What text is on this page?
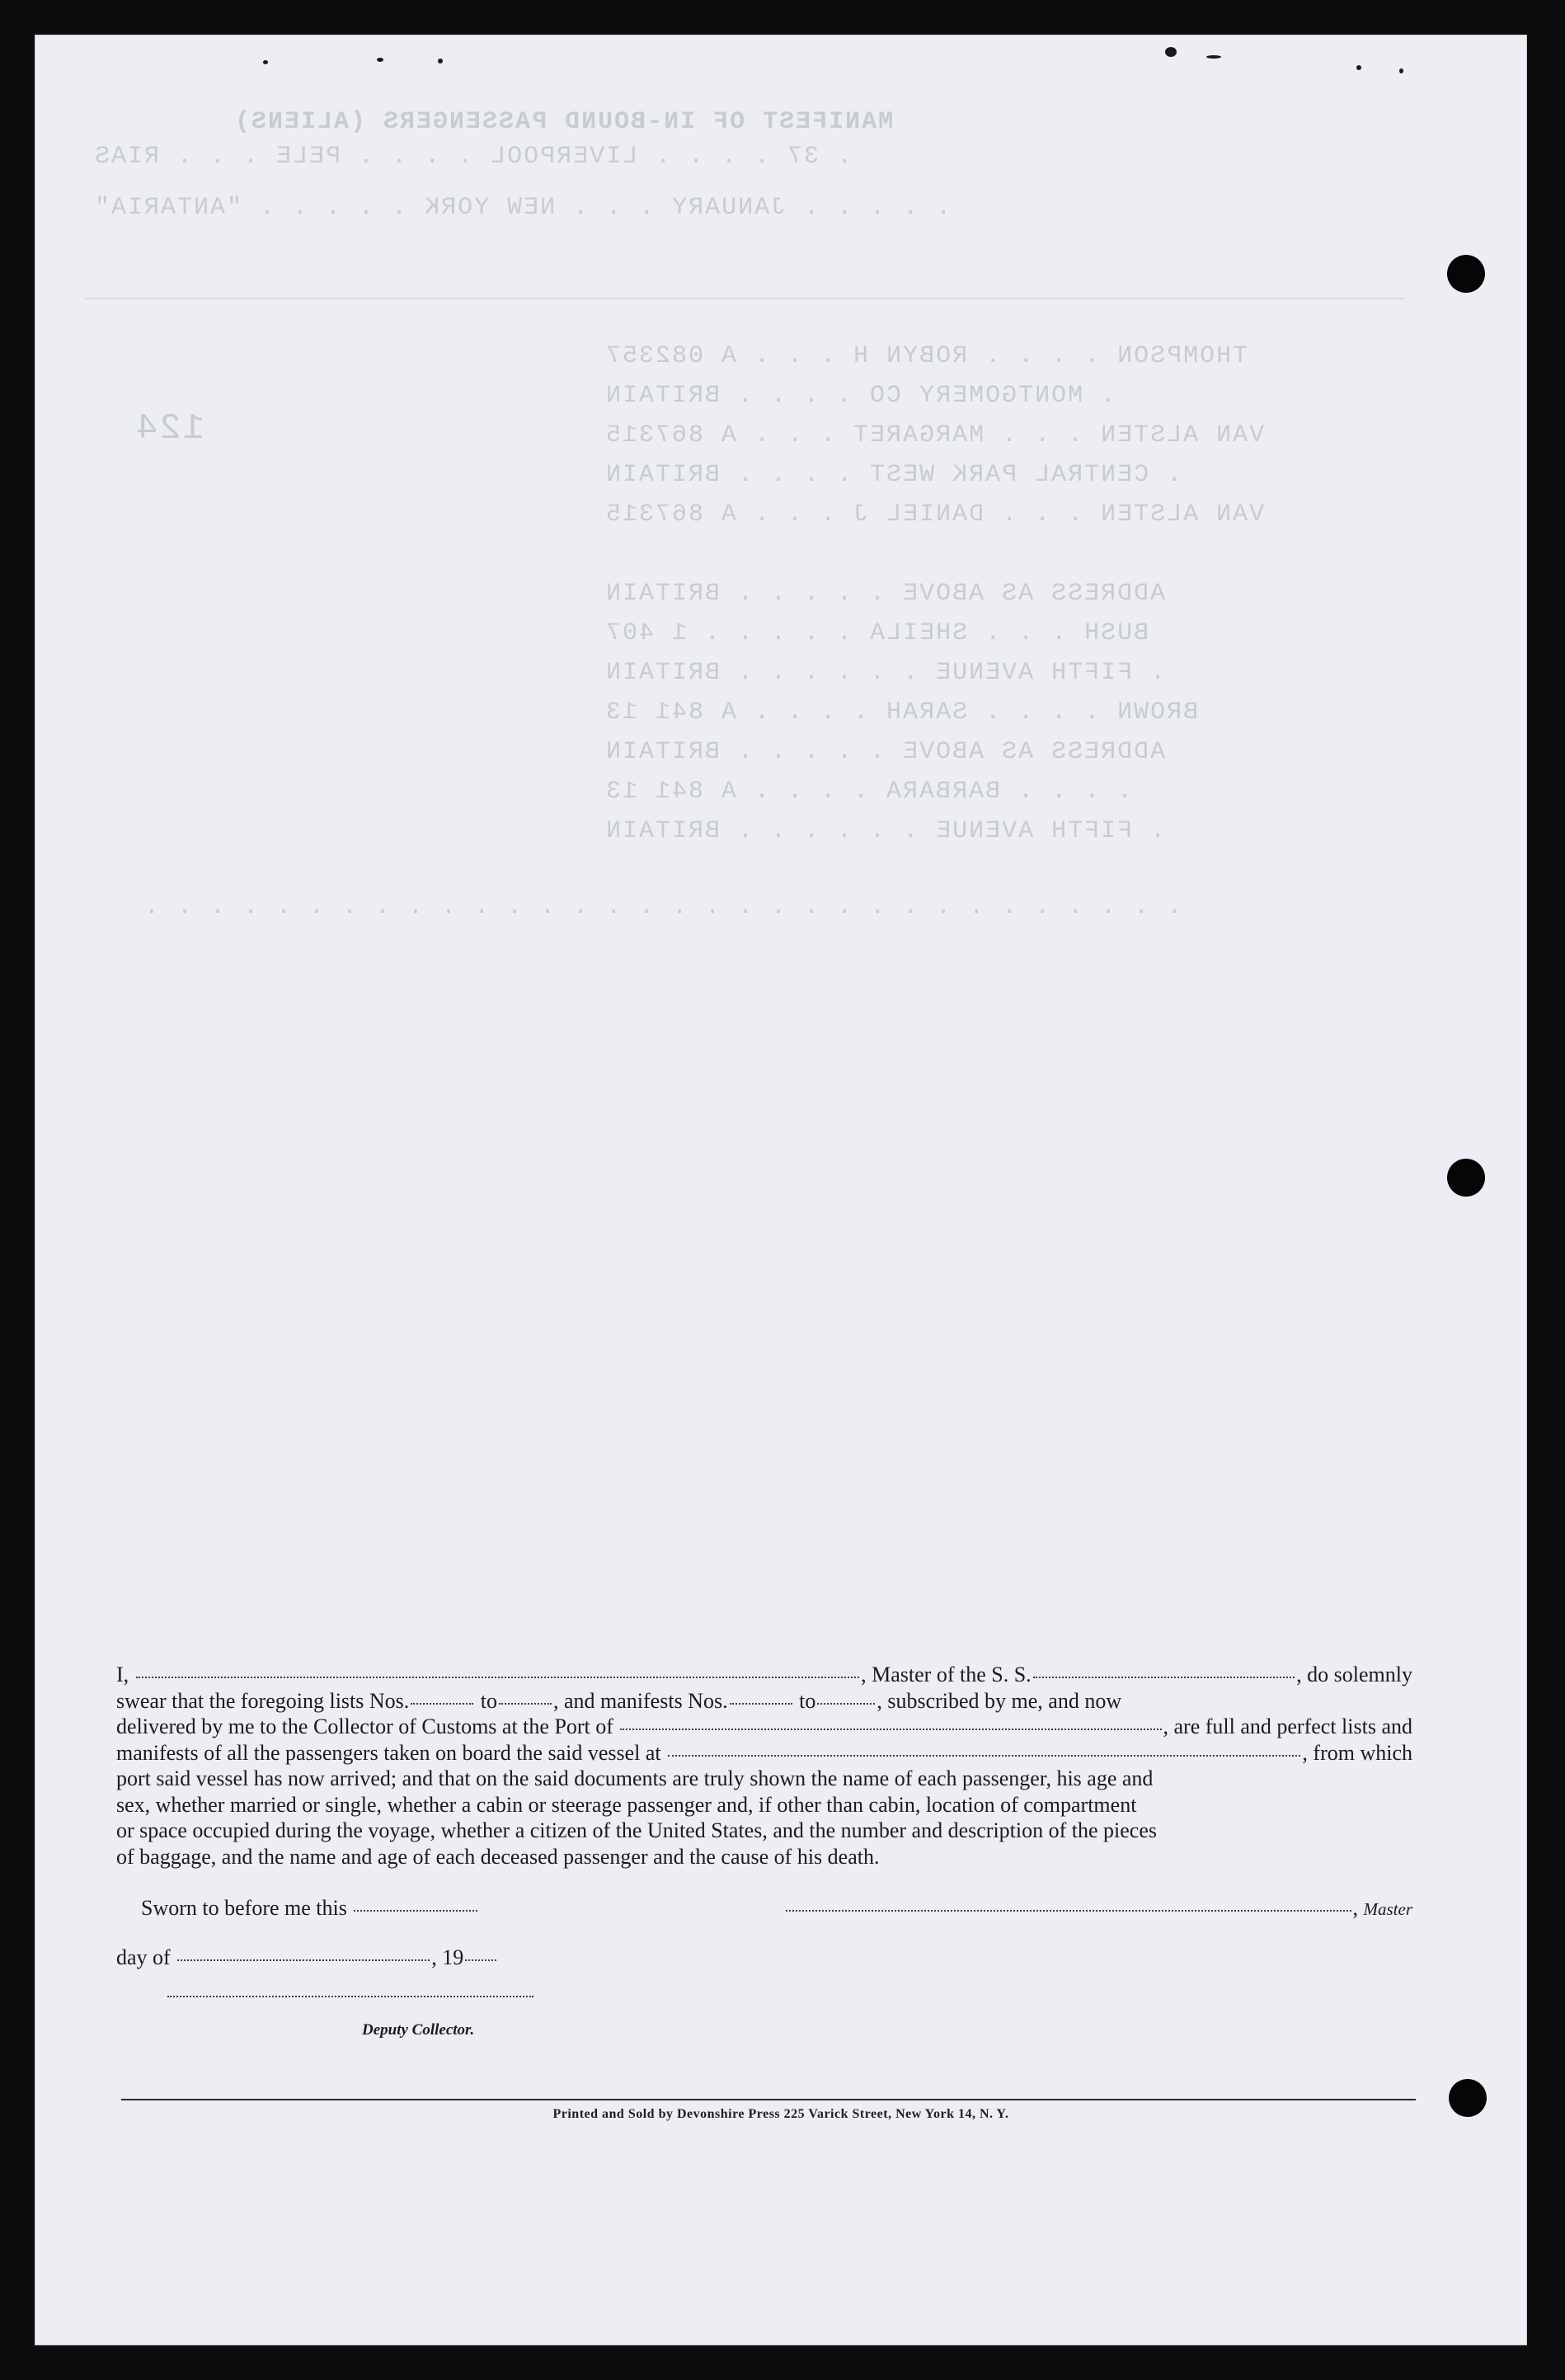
MANIFEST OF IN-BOUND PASSENGERS (ALIENS)
. 37 . . . . LIVERPOOL . . . . PELE . . . RIAS
. . . . . JANUARY . . . NEW YORK . . . . . "ANTARIA"
THOMPSON . . . . ROBYN H . . . A 082357
. MONTGOMERY CO . . . . BRITAIN
VAN ALSTEN . . . MARGARET . . . A 867315
. CENTRAL PARK WEST . . . . BRITAIN
VAN ALSTEN . . . DANIEL J . . . A 867315
ADDRESS AS ABOVE . . . . . BRITAIN
BUSH . . . SHEILA . . . . . 1 407
. FIFTH AVENUE . . . . . . BRITAIN
BROWN . . . . SARAH . . . . A 841 13
ADDRESS AS ABOVE . . . . . BRITAIN
. . . . BARBARA . . . . A 841 13
. FIFTH AVENUE . . . . . . BRITAIN
. . . . . . . . . . . . . . . . . . . . . . . . . . . . . . . .
124
I,	, Master of the S. S.	, do solemnly
swear that the foregoing lists Nos.	to	, and manifests Nos.	to	, subscribed by me, and now
delivered by me to the Collector of Customs at the Port of	, are full and perfect lists and
manifests of all the passengers taken on board the said vessel at	, from which
port said vessel has now arrived; and that on the said documents are truly shown the name of each passenger, his age and
sex, whether married or single, whether a cabin or steerage passenger and, if other than cabin, location of compartment
or space occupied during the voyage, whether a citizen of the United States, and the number and description of the pieces
of baggage, and the name and age of each deceased passenger and the cause of his death.
Sworn to before me this	, Master
day of	, 19
Deputy Collector.
Printed and Sold by Devonshire Press 225 Varick Street, New York 14, N. Y.
